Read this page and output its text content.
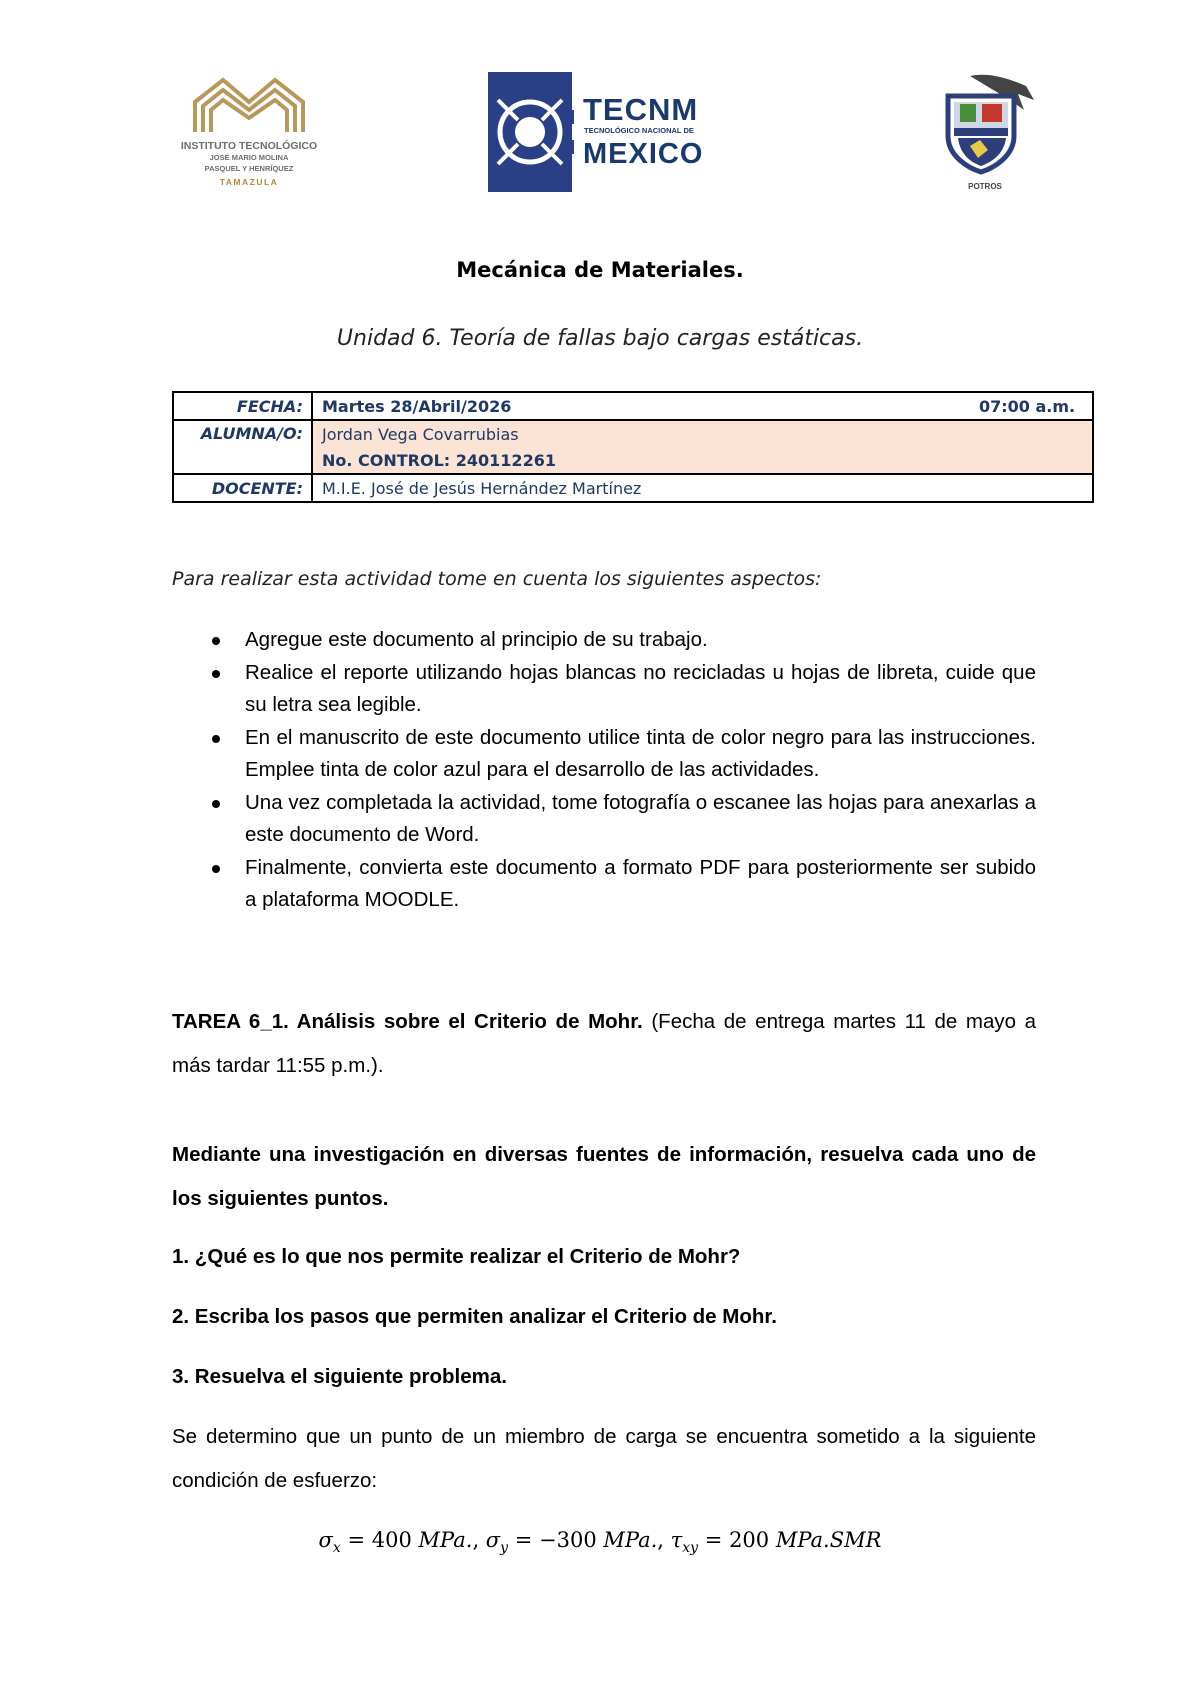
INSTITUTO TECNOLÓGICO
JOSÉ MARIO MOLINA
PASQUEL Y HENRÍQUEZ
TAMAZULA
TECNM
TECNOLÓGICO NACIONAL DE
MEXICO
POTROS
Mecánica de Materiales.
Unidad 6. Teoría de fallas bajo cargas estáticas.
FECHA:	Martes 28/Abril/2026 07:00 a.m.

ALUMNA/O:	Jordan Vega Covarrubias
	No. CONTROL: 240112261
DOCENTE:	M.I.E. José de Jesús Hernández Martínez
Para realizar esta actividad tome en cuenta los siguientes aspectos:
Agregue este documento al principio de su trabajo.
Realice el reporte utilizando hojas blancas no recicladas u hojas de libreta, cuide que su letra sea legible.
En el manuscrito de este documento utilice tinta de color negro para las instrucciones. Emplee tinta de color azul para el desarrollo de las actividades.
Una vez completada la actividad, tome fotografía o escanee las hojas para anexarlas a este documento de Word.
Finalmente, convierta este documento a formato PDF para posteriormente ser subido a plataforma MOODLE.
TAREA 6_1. Análisis sobre el Criterio de Mohr. (Fecha de entrega martes 11 de mayo a más tardar 11:55 p.m.).
Mediante una investigación en diversas fuentes de información, resuelva cada uno de los siguientes puntos.
1. ¿Qué es lo que nos permite realizar el Criterio de Mohr?
2. Escriba los pasos que permiten analizar el Criterio de Mohr.
3. Resuelva el siguiente problema.
Se determino que un punto de un miembro de carga se encuentra sometido a la siguiente condición de esfuerzo:
$\sigma_x = 400$ MPa., $\sigma_y = -300$ MPa., $\tau_{xy} = 200$ MPa.SMR
